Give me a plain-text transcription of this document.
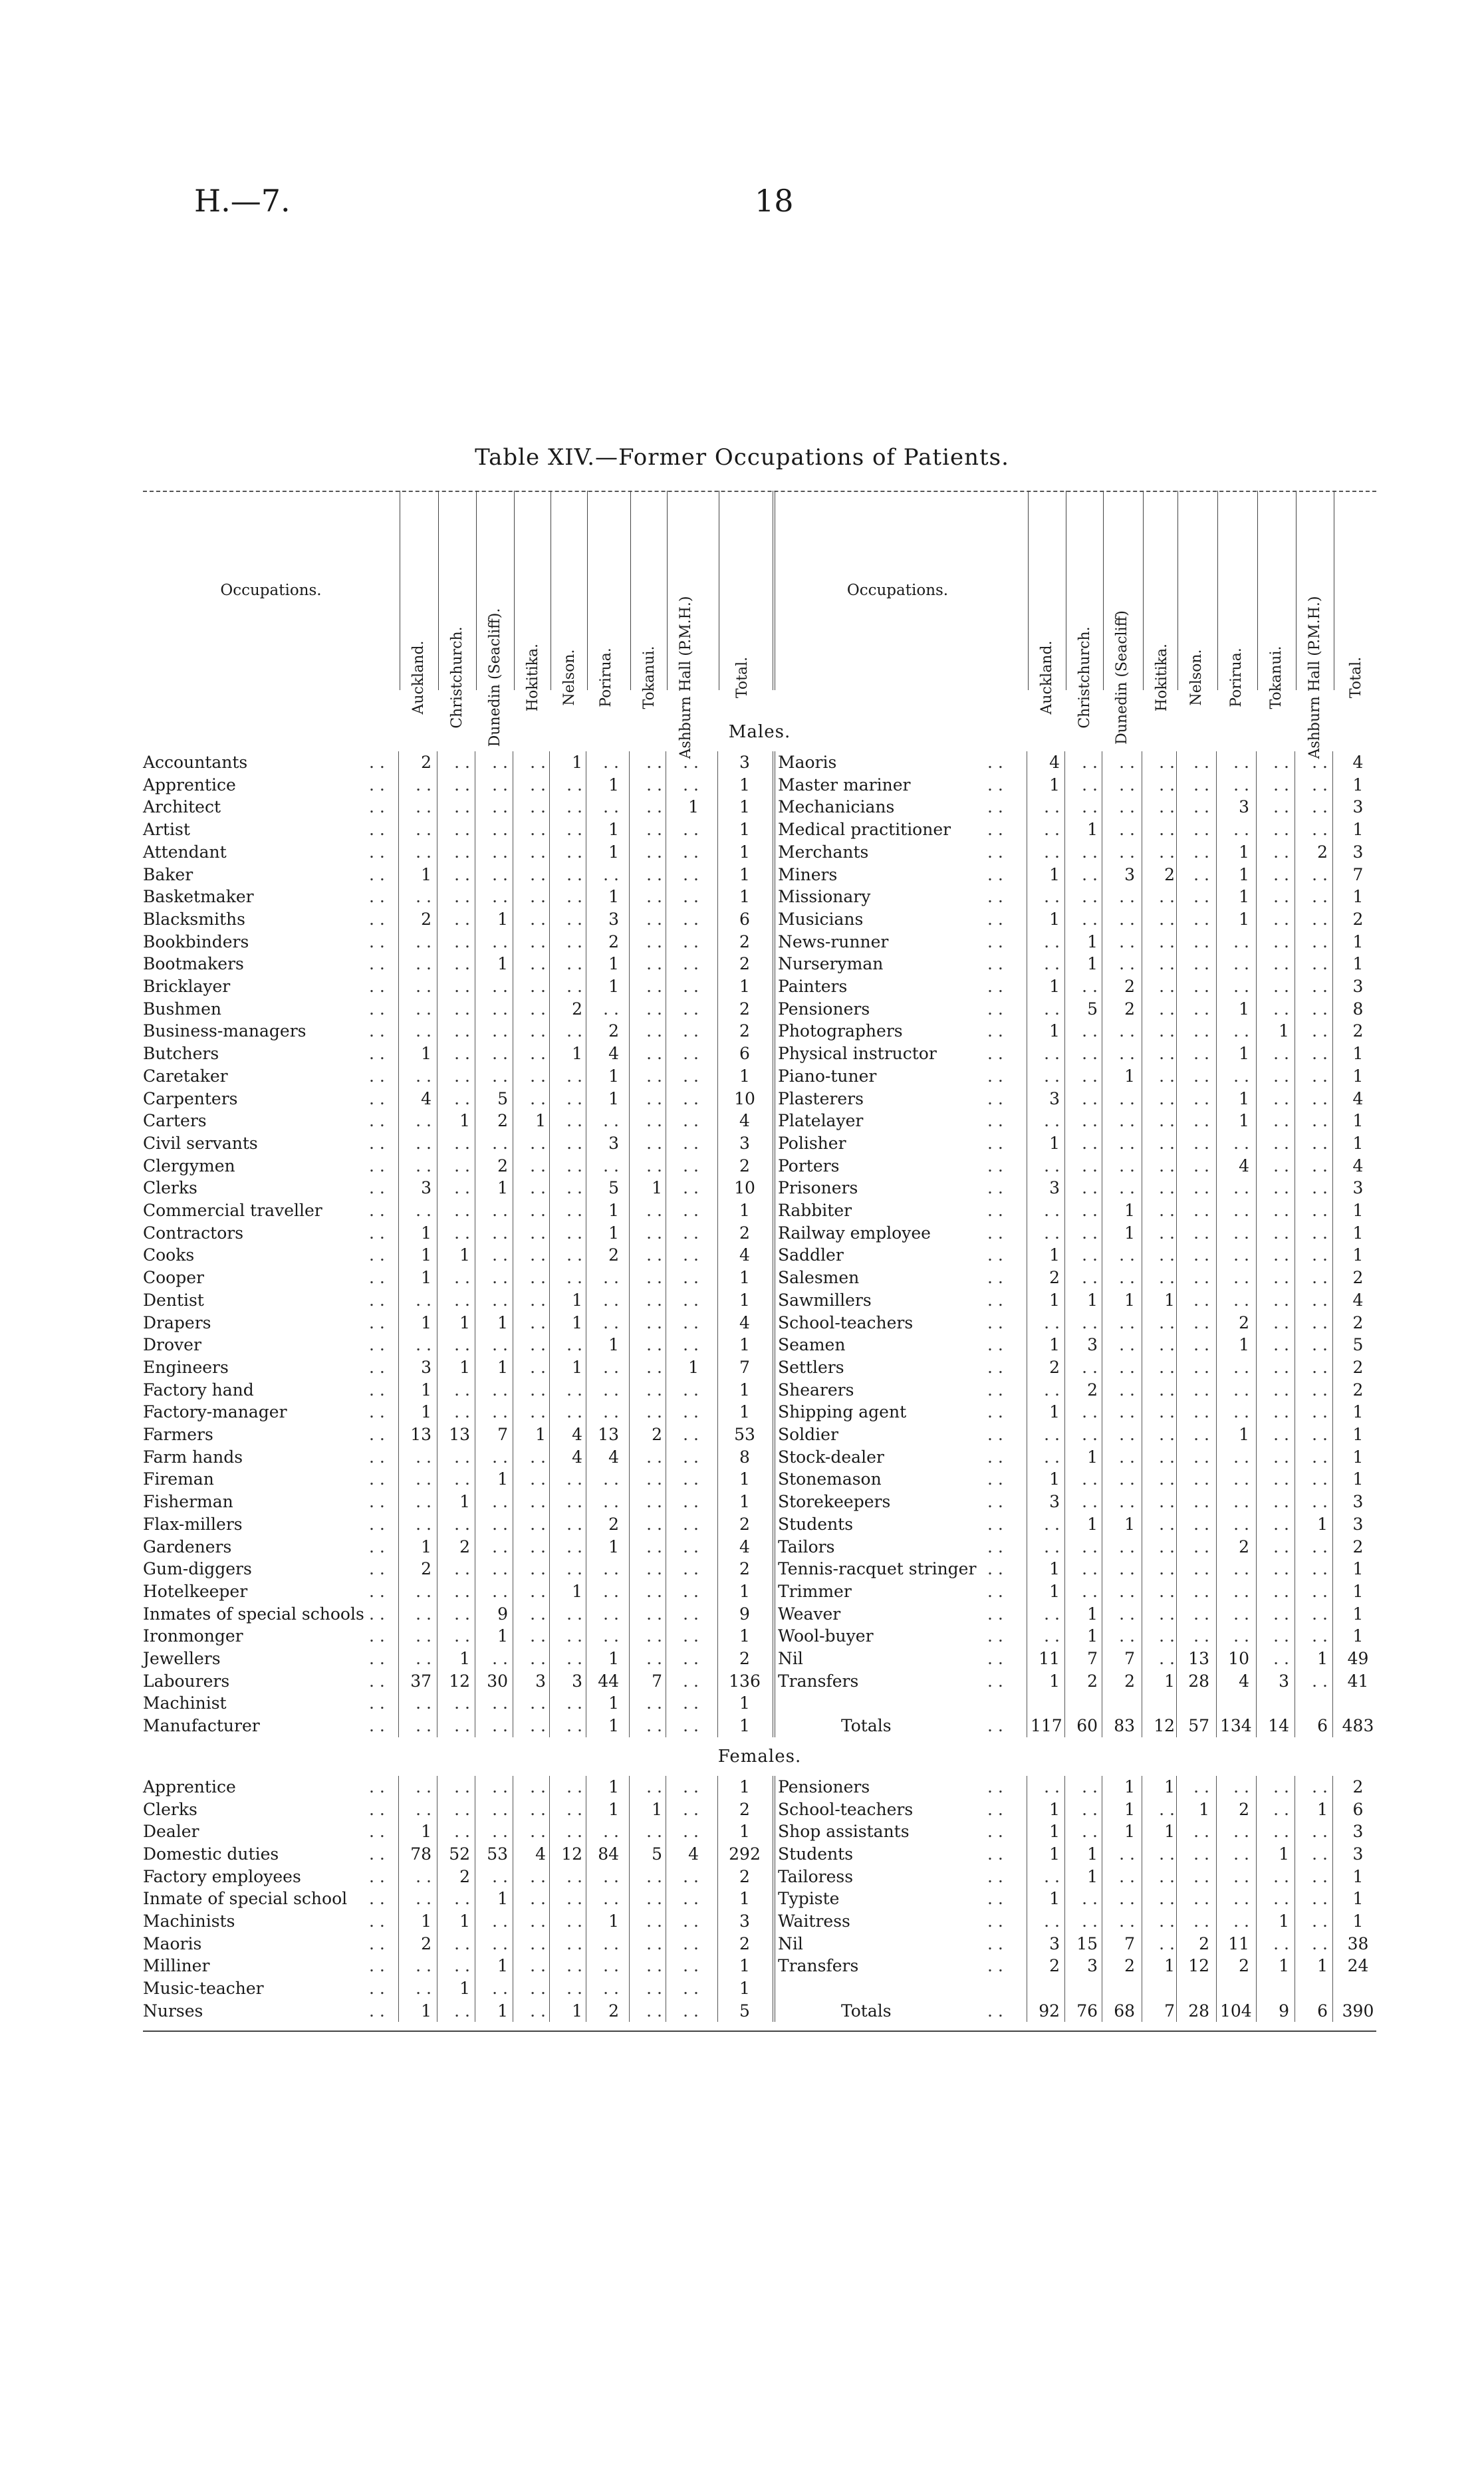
H.—7.	18
Table XIV.—Former Occupations of Patients.
Occupations.
Auckland. Christchurch. Dunedin (Seacliff). Hokitika. Nelson. Porirua. Tokanui. Ashburn Hall (P.M.H.)	Total.
Occupations.
Auckland. Christchurch. Dunedin (Seacliff) Hokitika. Nelson. Porirua. Tokanui. Ashburn Hall (P.M.H.) Total.
Males.
Accountants	. .	2	. .	. .	. .	1	. .	. .	. .	3
Apprentice	. .	. .	. .	. .	. .	. .	1	. .	. .	1
Architect	. .	. .	. .	. .	. .	. .	. .	. .	1	1
Artist	. .	. .	. .	. .	. .	. .	1	. .	. .	1
Attendant	. .	. .	. .	. .	. .	. .	1	. .	. .	1
Baker	. .	1	. .	. .	. .	. .	. .	. .	. .	1
Basketmaker	. .	. .	. .	. .	. .	. .	1	. .	. .	1
Blacksmiths	. .	2	. .	1	. .	. .	3	. .	. .	6
Bookbinders	. .	. .	. .	. .	. .	. .	2	. .	. .	2
Bootmakers	. .	. .	. .	1	. .	. .	1	. .	. .	2
Bricklayer	. .	. .	. .	. .	. .	. .	1	. .	. .	1
Bushmen	. .	. .	. .	. .	. .	2	. .	. .	. .	2
Business-managers	. .	. .	. .	. .	. .	. .	2	. .	. .	2
Butchers	. .	1	. .	. .	. .	1	4	. .	. .	6
Caretaker	. .	. .	. .	. .	. .	. .	1	. .	. .	1
Carpenters	. .	4	. .	5	. .	. .	1	. .	. .	10
Carters	. .	. .	1	2	1	. .	. .	. .	. .	4
Civil servants	. .	. .	. .	. .	. .	. .	3	. .	. .	3
Clergymen	. .	. .	. .	2	. .	. .	. .	. .	. .	2
Clerks	. .	3	. .	1	. .	. .	5	1	. .	10
Commercial traveller	. .	. .	. .	. .	. .	. .	1	. .	. .	1
Contractors	. .	1	. .	. .	. .	. .	1	. .	. .	2
Cooks	. .	1	1	. .	. .	. .	2	. .	. .	4
Cooper	. .	1	. .	. .	. .	. .	. .	. .	. .	1
Dentist	. .	. .	. .	. .	. .	1	. .	. .	. .	1
Drapers	. .	1	1	1	. .	1	. .	. .	. .	4
Drover	. .	. .	. .	. .	. .	. .	1	. .	. .	1
Engineers	. .	3	1	1	. .	1	. .	. .	1	7
Factory hand	. .	1	. .	. .	. .	. .	. .	. .	. .	1
Factory-manager	. .	1	. .	. .	. .	. .	. .	. .	. .	1
Farmers	. .	13	13	7	1	4 13	2	. .	53
Farm hands	. .	. .	. .	. .	. .	4	4	. .	. .	8
Fireman	. .	. .	. .	1	. .	. .	. .	. .	. .	1
Fisherman	. .	. .	1	. .	. .	. .	. .	. .	. .	1
Flax-millers	. .	. .	. .	. .	. .	. .	2	. .	. .	2
Gardeners	. .	1	2	. .	. .	. .	1	. .	. .	4
Gum-diggers	. .	2	. .	. .	. .	. .	. .	. .	. .	2
Hotelkeeper	. .	. .	. .	. .	. .	1	. .	. .	. .	1
Inmates of special schools . .	. .	. .	9	. .	. .	. .	. .	. .	9
Ironmonger	. .	. .	. .	1	. .	. .	. .	. .	. .	1
Jewellers	. .	. .	1	. .	. .	. .	1	. .	. .	2
Labourers	. .	37	12	30	3	3 44	7	. .	136
Machinist	. .	. .	. .	. .	. .	. .	1	. .	. .	1
Manufacturer	. .	. .	. .	. .	. .	. .	1	. .	. .	1
Maoris	. .	4	. .	. .	. .	. .	. .	. .	. .	4
Master mariner	. .	1	. .	. .	. .	. .	. .	. .	. .	1
Mechanicians	. .	. .	. .	. .	. .	. .	3	. .	. .	3
Medical practitioner . .	. .	1	. .	. .	. .	. .	. .	. .	1
Merchants	. .	. .	. .	. .	. .	. .	1	. .	2	3
Miners	. .	1	. .	3	2	. .	1	. .	. .	7
Missionary	. .	. .	. .	. .	. .	. .	1	. .	. .	1
Musicians	. .	1	. .	. .	. .	. .	1	. .	. .	2
News-runner	. .	. .	1	. .	. .	. .	. .	. .	. .	1
Nurseryman	. .	. .	1	. .	. .	. .	. .	. .	. .	1
Painters	. .	1	. .	2	. .	. .	. .	. .	. .	3
Pensioners	. .	. .	5	2	. .	. .	1	. .	. .	8
Photographers	. .	1	. .	. .	. .	. .	. .	1	. .	2
Physical instructor	. .	. .	. .	. .	. .	. .	1	. .	. .	1
Piano-tuner	. .	. .	. .	1	. .	. .	. .	. .	. .	1
Plasterers	. .	3	. .	. .	. .	. .	1	. .	. .	4
Platelayer	. .	. .	. .	. .	. .	. .	1	. .	. .	1
Polisher	. .	1	. .	. .	. .	. .	. .	. .	. .	1
Porters	. .	. .	. .	. .	. .	. .	4	. .	. .	4
Prisoners	. .	3	. .	. .	. .	. .	. .	. .	. .	3
Rabbiter	. .	. .	. .	1	. .	. .	. .	. .	. .	1
Railway employee	. .	. .	. .	1	. .	. .	. .	. .	. .	1
Saddler	. .	1	. .	. .	. .	. .	. .	. .	. .	1
Salesmen	. .	2	. .	. .	. .	. .	. .	. .	. .	2
Sawmillers	. .	1	1	1	1	. .	. .	. .	. .	4
School-teachers	. .	. .	. .	. .	. .	. .	2	. .	. .	2
Seamen	. .	1	3	. .	. .	. .	1	. .	. .	5
Settlers	. .	2	. .	. .	. .	. .	. .	. .	. .	2
Shearers	. .	. .	2	. .	. .	. .	. .	. .	. .	2
Shipping agent	. .	1	. .	. .	. .	. .	. .	. .	. .	1
Soldier	. .	. .	. .	. .	. .	. .	1	. .	. .	1
Stock-dealer	. .	. .	1	. .	. .	. .	. .	. .	. .	1
Stonemason	. .	1	. .	. .	. .	. .	. .	. .	. .	1
Storekeepers	. .	3	. .	. .	. .	. .	. .	. .	. .	3
Students	. .	. .	1	1	. .	. .	. .	. .	1	3
Tailors	. .	. .	. .	. .	. .	. .	2	. .	. .	2
Tennis-racquet stringer . .	1	. .	. .	. .	. .	. .	. .	. .	1
Trimmer	. .	1	. .	. .	. .	. .	. .	. .	. .	1
Weaver	. .	. .	1	. .	. .	. .	. .	. .	. .	1
Wool-buyer	. .	. .	1	. .	. .	. .	. .	. .	. .	1
Nil	. .	11	7	7	. . 13	10	. .	1	49
Transfers	. .	1	2	2	1 28	4	3	. .	41
Totals	. . 117 60 83	12 57 134 14	6 483
Females.
Apprentice	. .	. .	. .	. .	. .	. .	1	. .	. .	1
Clerks	. .	. .	. .	. .	. .	. .	1	1	. .	2
Dealer	. .	1	. .	. .	. .	. .	. .	. .	. .	1
Domestic duties	. .	78	52	53	4 12 84	5	4	292
Factory employees	. .	. .	2	. .	. .	. .	. .	. .	. .	2
Inmate of special school . .	. .	. .	1	. .	. .	. .	. .	. .	1
Machinists	. .	1	1	. .	. .	. .	1	. .	. .	3
Maoris	. .	2	. .	. .	. .	. .	. .	. .	. .	2
Milliner	. .	. .	. .	1	. .	. .	. .	. .	. .	1
Music-teacher	. .	. .	1	. .	. .	. .	. .	. .	. .	1
Nurses	. .	1	. .	1	. .	1	2	. .	. .	5
Pensioners	. .	. .	. .	1	1	. .	. .	. .	. .	2
School-teachers	. .	1	. .	1	. .	1	2	. .	1	6
Shop assistants	. .	1	. .	1	1	. .	. .	. .	. .	3
Students	. .	1	1	. .	. .	. .	. .	1	. .	3
Tailoress	. .	. .	1	. .	. .	. .	. .	. .	. .	1
Typiste	. .	1	. .	. .	. .	. .	. .	. .	. .	1
Waitress	. .	. .	. .	. .	. .	. .	. .	1	. .	1
Nil	. .	3	15	7	. .	2	11	. .	. .	38
Transfers	. .	2	3	2	1 12	2	1	1	24
Totals	. .	92	76 68	7 28 104	9	6 390
